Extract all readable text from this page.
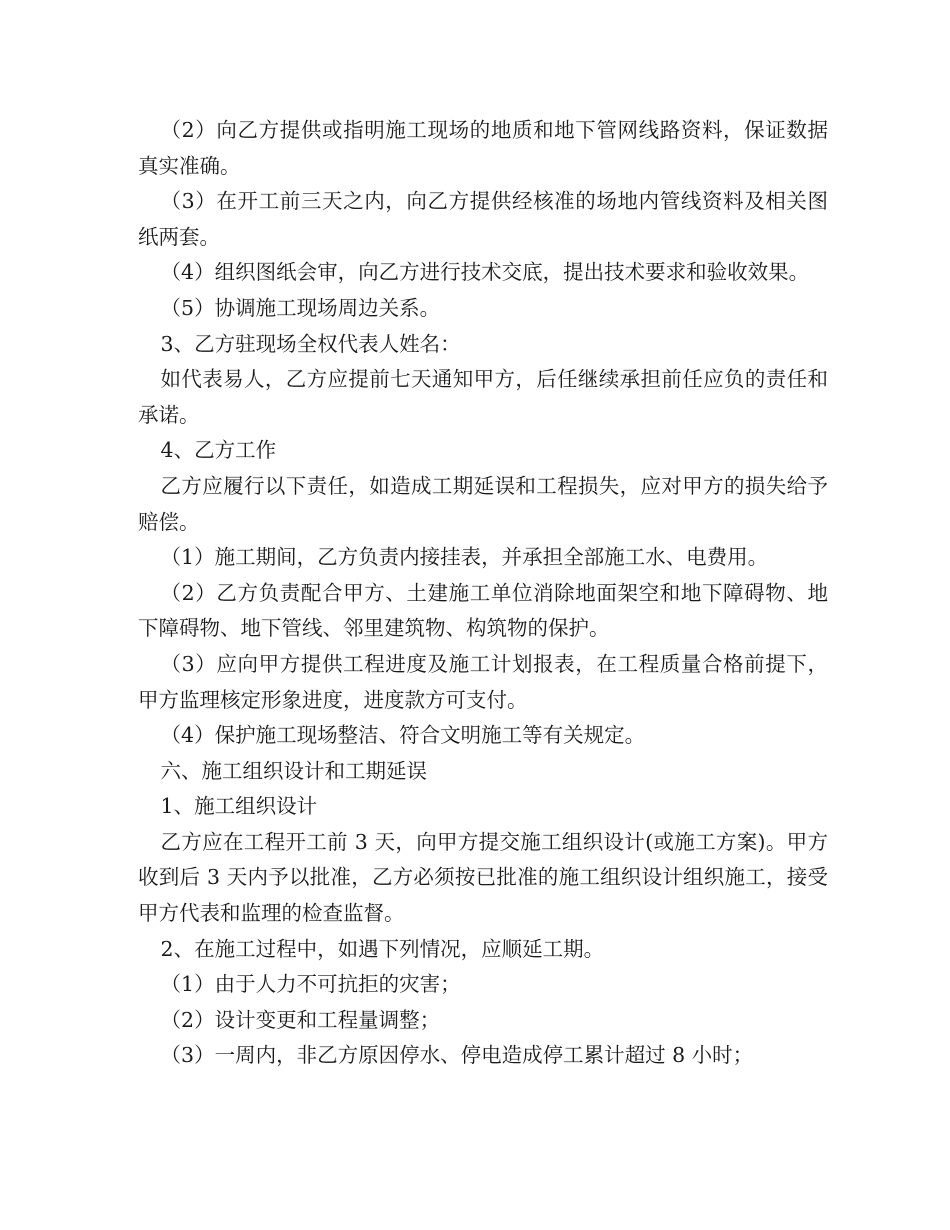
（2）向乙方提供或指明施工现场的地质和地下管网线路资料，保证数据真实准确。

（3）在开工前三天之内，向乙方提供经核准的场地内管线资料及相关图纸两套。

（4）组织图纸会审，向乙方进行技术交底，提出技术要求和验收效果。

（5）协调施工现场周边关系。

3、乙方驻现场全权代表人姓名：

如代表易人，乙方应提前七天通知甲方，后任继续承担前任应负的责任和承诺。

4、乙方工作

乙方应履行以下责任，如造成工期延误和工程损失，应对甲方的损失给予赔偿。

（1）施工期间，乙方负责内接挂表，并承担全部施工水、电费用。

（2）乙方负责配合甲方、土建施工单位消除地面架空和地下障碍物、地下障碍物、地下管线、邻里建筑物、构筑物的保护。

（3）应向甲方提供工程进度及施工计划报表，在工程质量合格前提下，甲方监理核定形象进度，进度款方可支付。

（4）保护施工现场整洁、符合文明施工等有关规定。

六、施工组织设计和工期延误

1、施工组织设计

乙方应在工程开工前 3 天，向甲方提交施工组织设计(或施工方案)。甲方收到后 3 天内予以批准，乙方必须按已批准的施工组织设计组织施工，接受甲方代表和监理的检查监督。

2、在施工过程中，如遇下列情况，应顺延工期。

（1）由于人力不可抗拒的灾害；

（2）设计变更和工程量调整；

（3）一周内，非乙方原因停水、停电造成停工累计超过 8 小时；
